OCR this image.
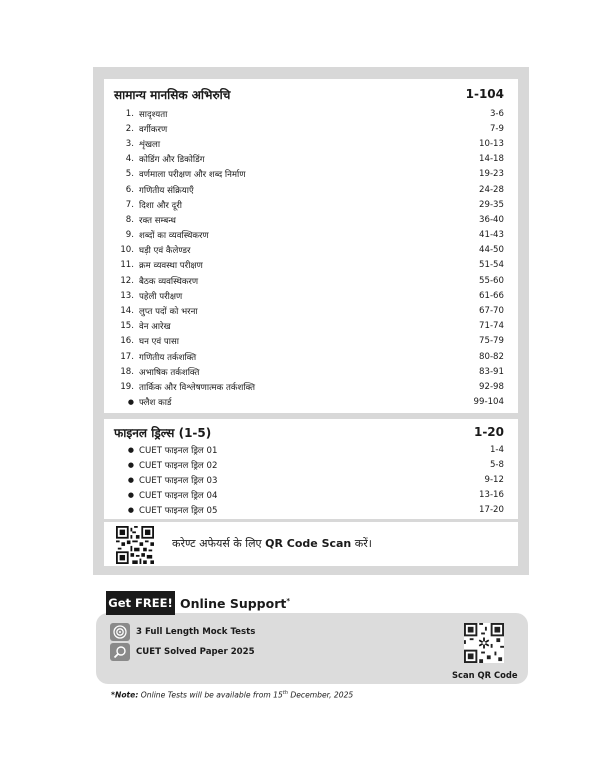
सामान्य मानसिक अभिरुचि	1-104
1. सादृश्यता	3-6
2. वर्गीकरण	7-9
3. शृंखला	10-13
4. कोडिंग और डिकोडिंग	14-18
5. वर्णमाला परीक्षण और शब्द निर्माण	19-23
6. गणितीय संक्रियाएँ	24-28
7. दिशा और दूरी	29-35
8. रक्त सम्बन्ध	36-40
9. शब्दों का व्यवस्थिकरण	41-43
10. घड़ी एवं कैलेण्डर	44-50
11. क्रम व्यवस्था परीक्षण	51-54
12. बैठक व्यवस्थिकरण	55-60
13. पहेली परीक्षण	61-66
14. लुप्त पदों को भरना	67-70
15. वेन आरेख	71-74
16. घन एवं पासा	75-79
17. गणितीय तर्कशक्ति	80-82
18. अभाषिक तर्कशक्ति	83-91
19. तार्किक और विश्लेषणात्मक तर्कशक्ति	92-98
● फ्लैश कार्ड	99-104
फाइनल ड्रिल्स (1-5)	1-20
● CUET फाइनल ड्रिल 01	1-4
● CUET फाइनल ड्रिल 02	5-8
● CUET फाइनल ड्रिल 03	9-12
● CUET फाइनल ड्रिल 04	13-16
● CUET फाइनल ड्रिल 05	17-20
करेण्ट अफेयर्स के लिए QR Code Scan करें।
3 Full Length Mock Tests
CUET Solved Paper 2025	✲
Scan QR Code
Get FREE! Online Support*
*Note: Online Tests will be available from 15th December, 2025
